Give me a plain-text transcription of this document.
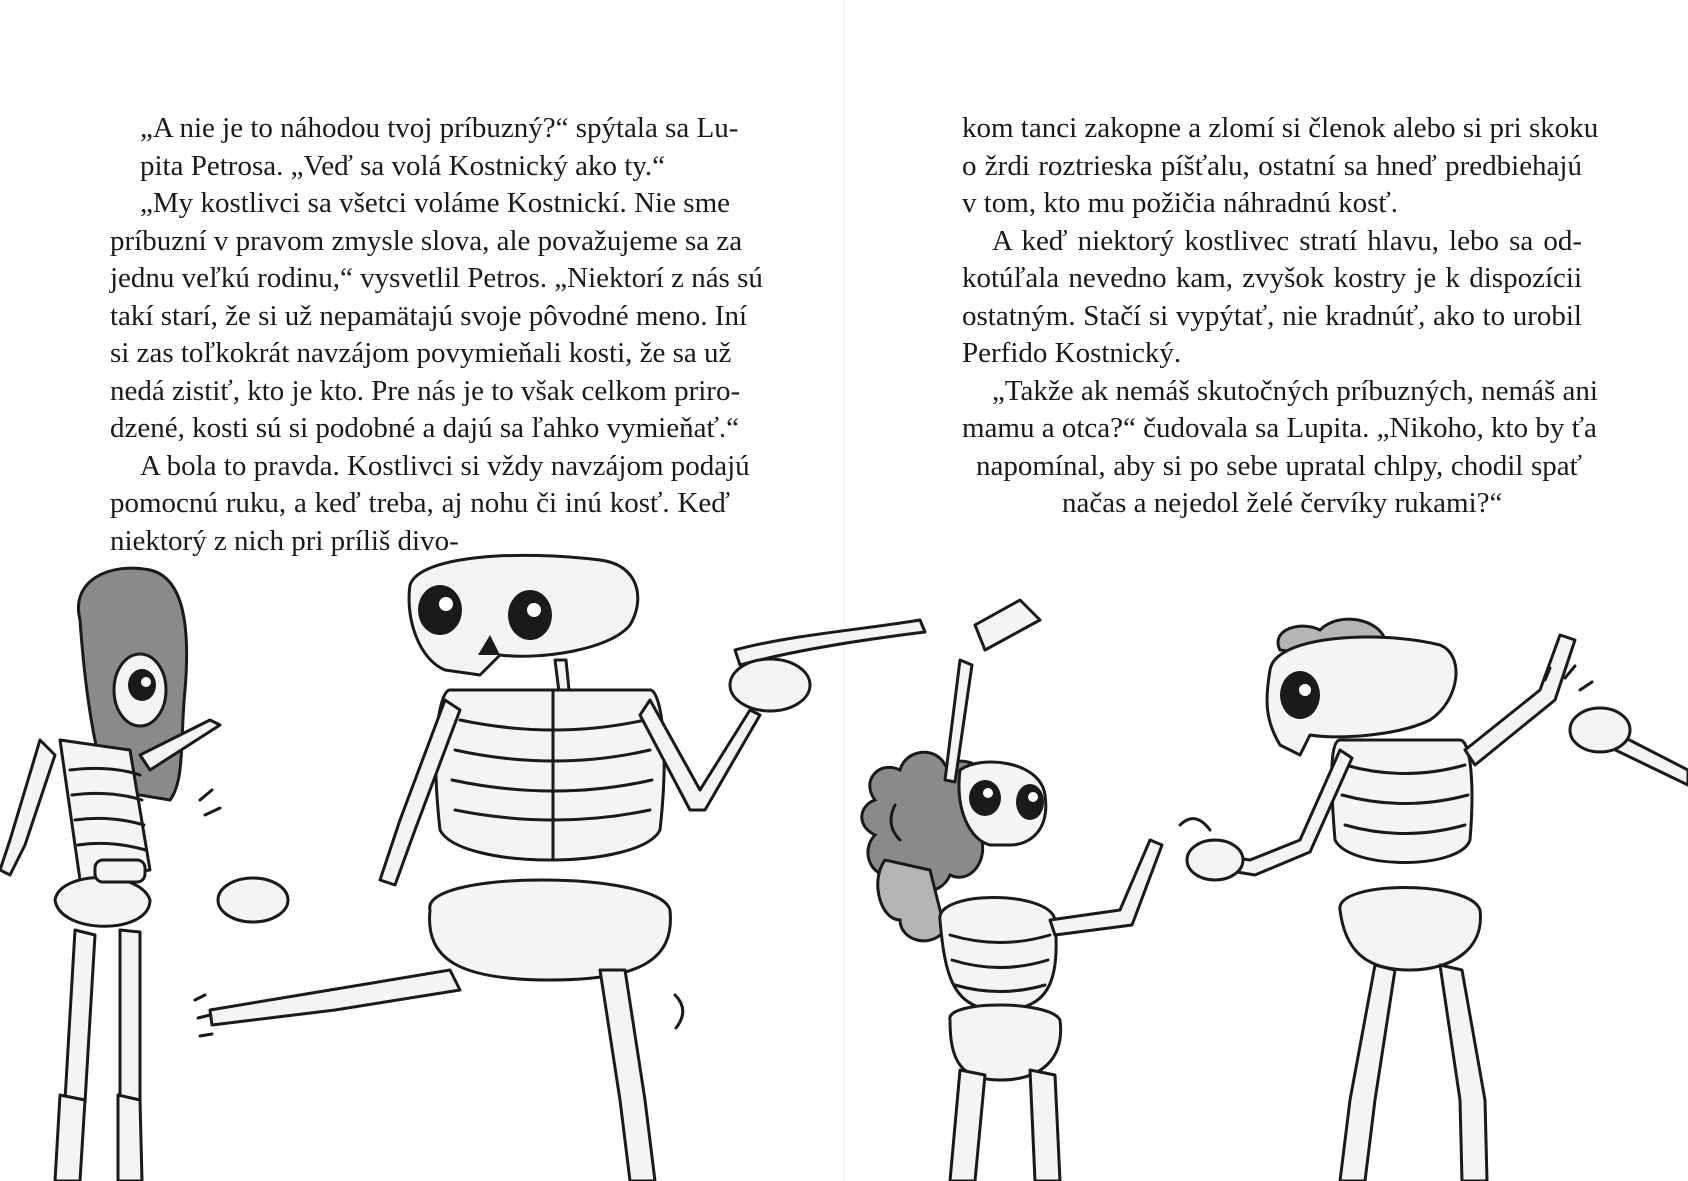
„A nie je to náhodou tvoj príbuzný?“ spýtala sa Lu-
pita Petrosa. „Veď sa volá Kostnický ako ty.“
„My kostlivci sa všetci voláme Kostnickí. Nie sme
príbuzní v pravom zmysle slova, ale považujeme sa za
jednu veľkú rodinu,“ vysvetlil Petros. „Niektorí z nás sú
takí starí, že si už nepamätajú svoje pôvodné meno. Iní
si zas toľkokrát navzájom povymieňali kosti, že sa už
nedá zistiť, kto je kto. Pre nás je to však celkom priro-
dzené, kosti sú si podobné a dajú sa ľahko vymieňať.“
A bola to pravda. Kostlivci si vždy navzájom podajú
pomocnú ruku, a keď treba, aj nohu či inú kosť. Keď
niektorý z nich pri príliš divo-
kom tanci zakopne a zlomí si členok alebo si pri skoku
o žrdi roztrieska píšťalu, ostatní sa hneď predbiehajú
v tom, kto mu požičia náhradnú kosť.
A keď niektorý kostlivec stratí hlavu, lebo sa od-
kotúľala nevedno kam, zvyšok kostry je k dispozícii
ostatným. Stačí si vypýtať, nie kradnúť, ako to urobil
Perfido Kostnický.
„Takže ak nemáš skutočných príbuzných, nemáš ani
mamu a otca?“ čudovala sa Lupita. „Nikoho, kto by ťa
napomínal, aby si po sebe upratal chlpy, chodil spať
načas a nejedol želé červíky rukami?“
